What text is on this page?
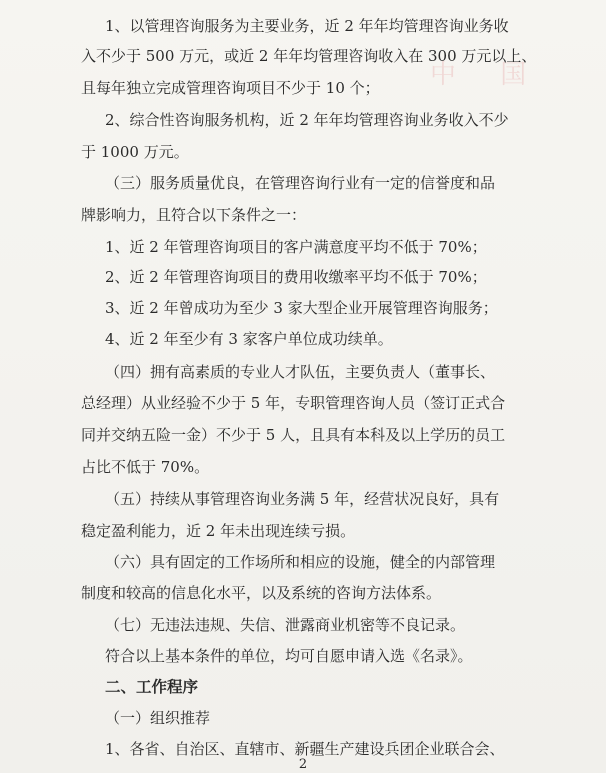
中 国
1、以管理咨询服务为主要业务，近 2 年年均管理咨询业务收
入不少于 500 万元，或近 2 年年均管理咨询收入在 300 万元以上、
且每年独立完成管理咨询项目不少于 10 个；
2、综合性咨询服务机构，近 2 年年均管理咨询业务收入不少
于 1000 万元。
（三）服务质量优良，在管理咨询行业有一定的信誉度和品
牌影响力，且符合以下条件之一：
1、近 2 年管理咨询项目的客户满意度平均不低于 70%；
2、近 2 年管理咨询项目的费用收缴率平均不低于 70%；
3、近 2 年曾成功为至少 3 家大型企业开展管理咨询服务；
4、近 2 年至少有 3 家客户单位成功续单。
（四）拥有高素质的专业人才队伍，主要负责人（董事长、
总经理）从业经验不少于 5 年，专职管理咨询人员（签订正式合
同并交纳五险一金）不少于 5 人，且具有本科及以上学历的员工
占比不低于 70%。
（五）持续从事管理咨询业务满 5 年，经营状况良好，具有
稳定盈利能力，近 2 年未出现连续亏损。
（六）具有固定的工作场所和相应的设施，健全的内部管理
制度和较高的信息化水平，以及系统的咨询方法体系。
（七）无违法违规、失信、泄露商业机密等不良记录。
符合以上基本条件的单位，均可自愿申请入选《名录》。
二、工作程序
（一）组织推荐
1、各省、自治区、直辖市、新疆生产建设兵团企业联合会、
2
